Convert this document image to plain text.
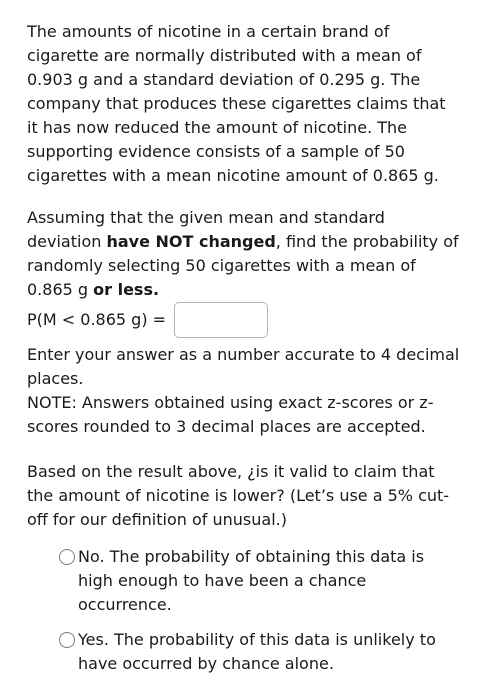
The amounts of nicotine in a certain brand of
cigarette are normally distributed with a mean of
0.903 g and a standard deviation of 0.295 g. The
company that produces these cigarettes claims that
it has now reduced the amount of nicotine. The
supporting evidence consists of a sample of 50
cigarettes with a mean nicotine amount of 0.865 g.

Assuming that the given mean and standard
deviation have NOT changed, find the probability of
randomly selecting 50 cigarettes with a mean of
0.865 g or less.

P(M < 0.865 g) =

Enter your answer as a number accurate to 4 decimal
places.
NOTE: Answers obtained using exact z-scores or z-
scores rounded to 3 decimal places are accepted.

Based on the result above, ¿is it valid to claim that
the amount of nicotine is lower? (Let’s use a 5% cut-
off for our definition of unusual.)

No. The probability of obtaining this data is
high enough to have been a chance
occurrence.
Yes. The probability of this data is unlikely to
have occurred by chance alone.
